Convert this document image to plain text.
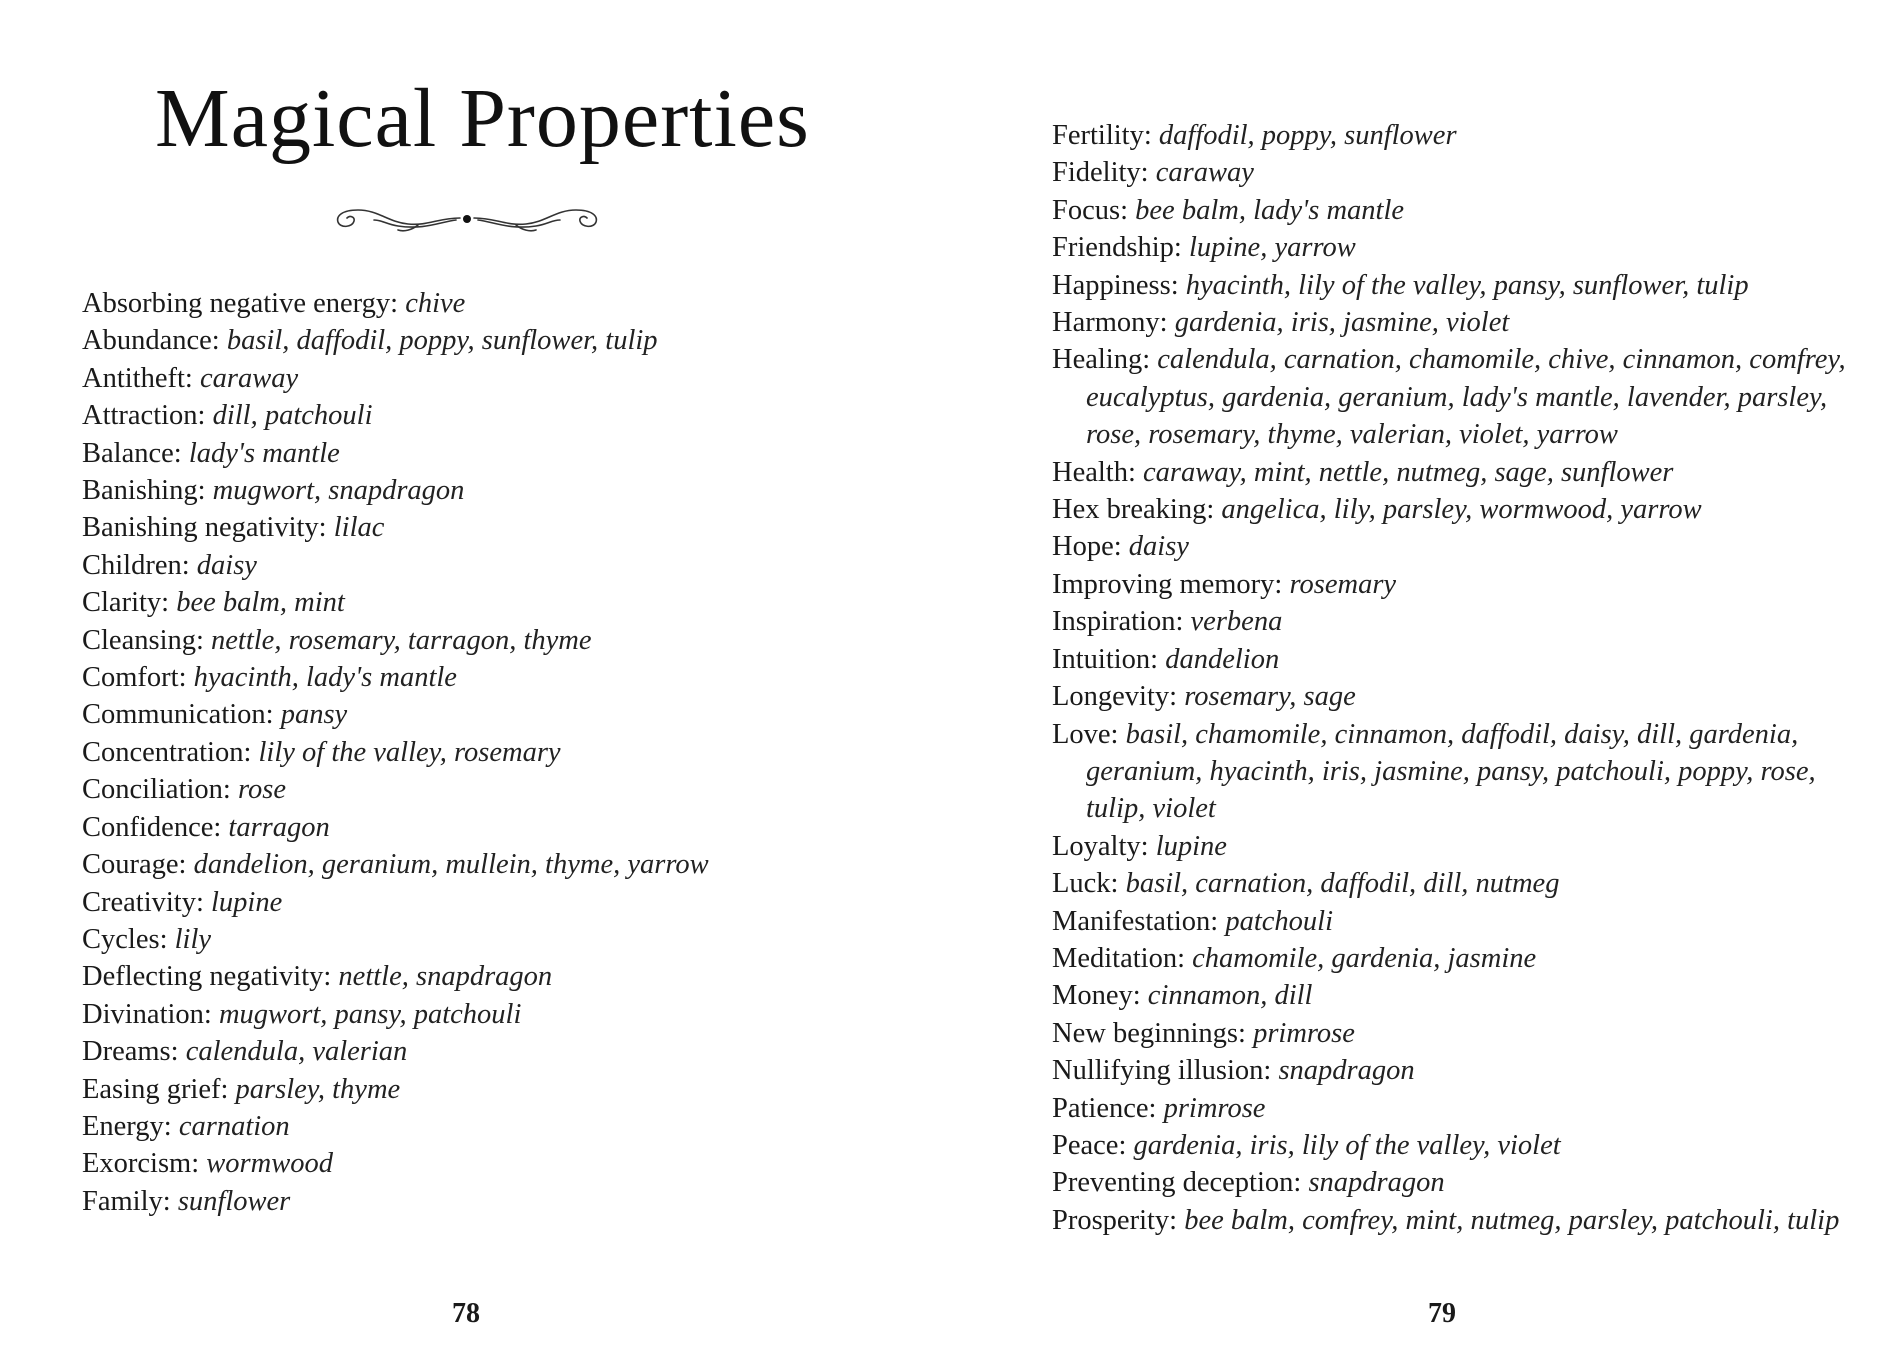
Magical Properties
Absorbing negative energy: chive
Abundance: basil, daffodil, poppy, sunflower, tulip
Antitheft: caraway
Attraction: dill, patchouli
Balance: lady's mantle
Banishing: mugwort, snapdragon
Banishing negativity: lilac
Children: daisy
Clarity: bee balm, mint
Cleansing: nettle, rosemary, tarragon, thyme
Comfort: hyacinth, lady's mantle
Communication: pansy
Concentration: lily of the valley, rosemary
Conciliation: rose
Confidence: tarragon
Courage: dandelion, geranium, mullein, thyme, yarrow
Creativity: lupine
Cycles: lily
Deflecting negativity: nettle, snapdragon
Divination: mugwort, pansy, patchouli
Dreams: calendula, valerian
Easing grief: parsley, thyme
Energy: carnation
Exorcism: wormwood
Family: sunflower
78
Fertility: daffodil, poppy, sunflower
Fidelity: caraway
Focus: bee balm, lady's mantle
Friendship: lupine, yarrow
Happiness: hyacinth, lily of the valley, pansy, sunflower, tulip
Harmony: gardenia, iris, jasmine, violet
Healing: calendula, carnation, chamomile, chive, cinnamon, comfrey, eucalyptus, gardenia, geranium, lady's mantle, lavender, parsley, rose, rosemary, thyme, valerian, violet, yarrow
Health: caraway, mint, nettle, nutmeg, sage, sunflower
Hex breaking: angelica, lily, parsley, wormwood, yarrow
Hope: daisy
Improving memory: rosemary
Inspiration: verbena
Intuition: dandelion
Longevity: rosemary, sage
Love: basil, chamomile, cinnamon, daffodil, daisy, dill, gardenia, geranium, hyacinth, iris, jasmine, pansy, patchouli, poppy, rose, tulip, violet
Loyalty: lupine
Luck: basil, carnation, daffodil, dill, nutmeg
Manifestation: patchouli
Meditation: chamomile, gardenia, jasmine
Money: cinnamon, dill
New beginnings: primrose
Nullifying illusion: snapdragon
Patience: primrose
Peace: gardenia, iris, lily of the valley, violet
Preventing deception: snapdragon
Prosperity: bee balm, comfrey, mint, nutmeg, parsley, patchouli, tulip
79
